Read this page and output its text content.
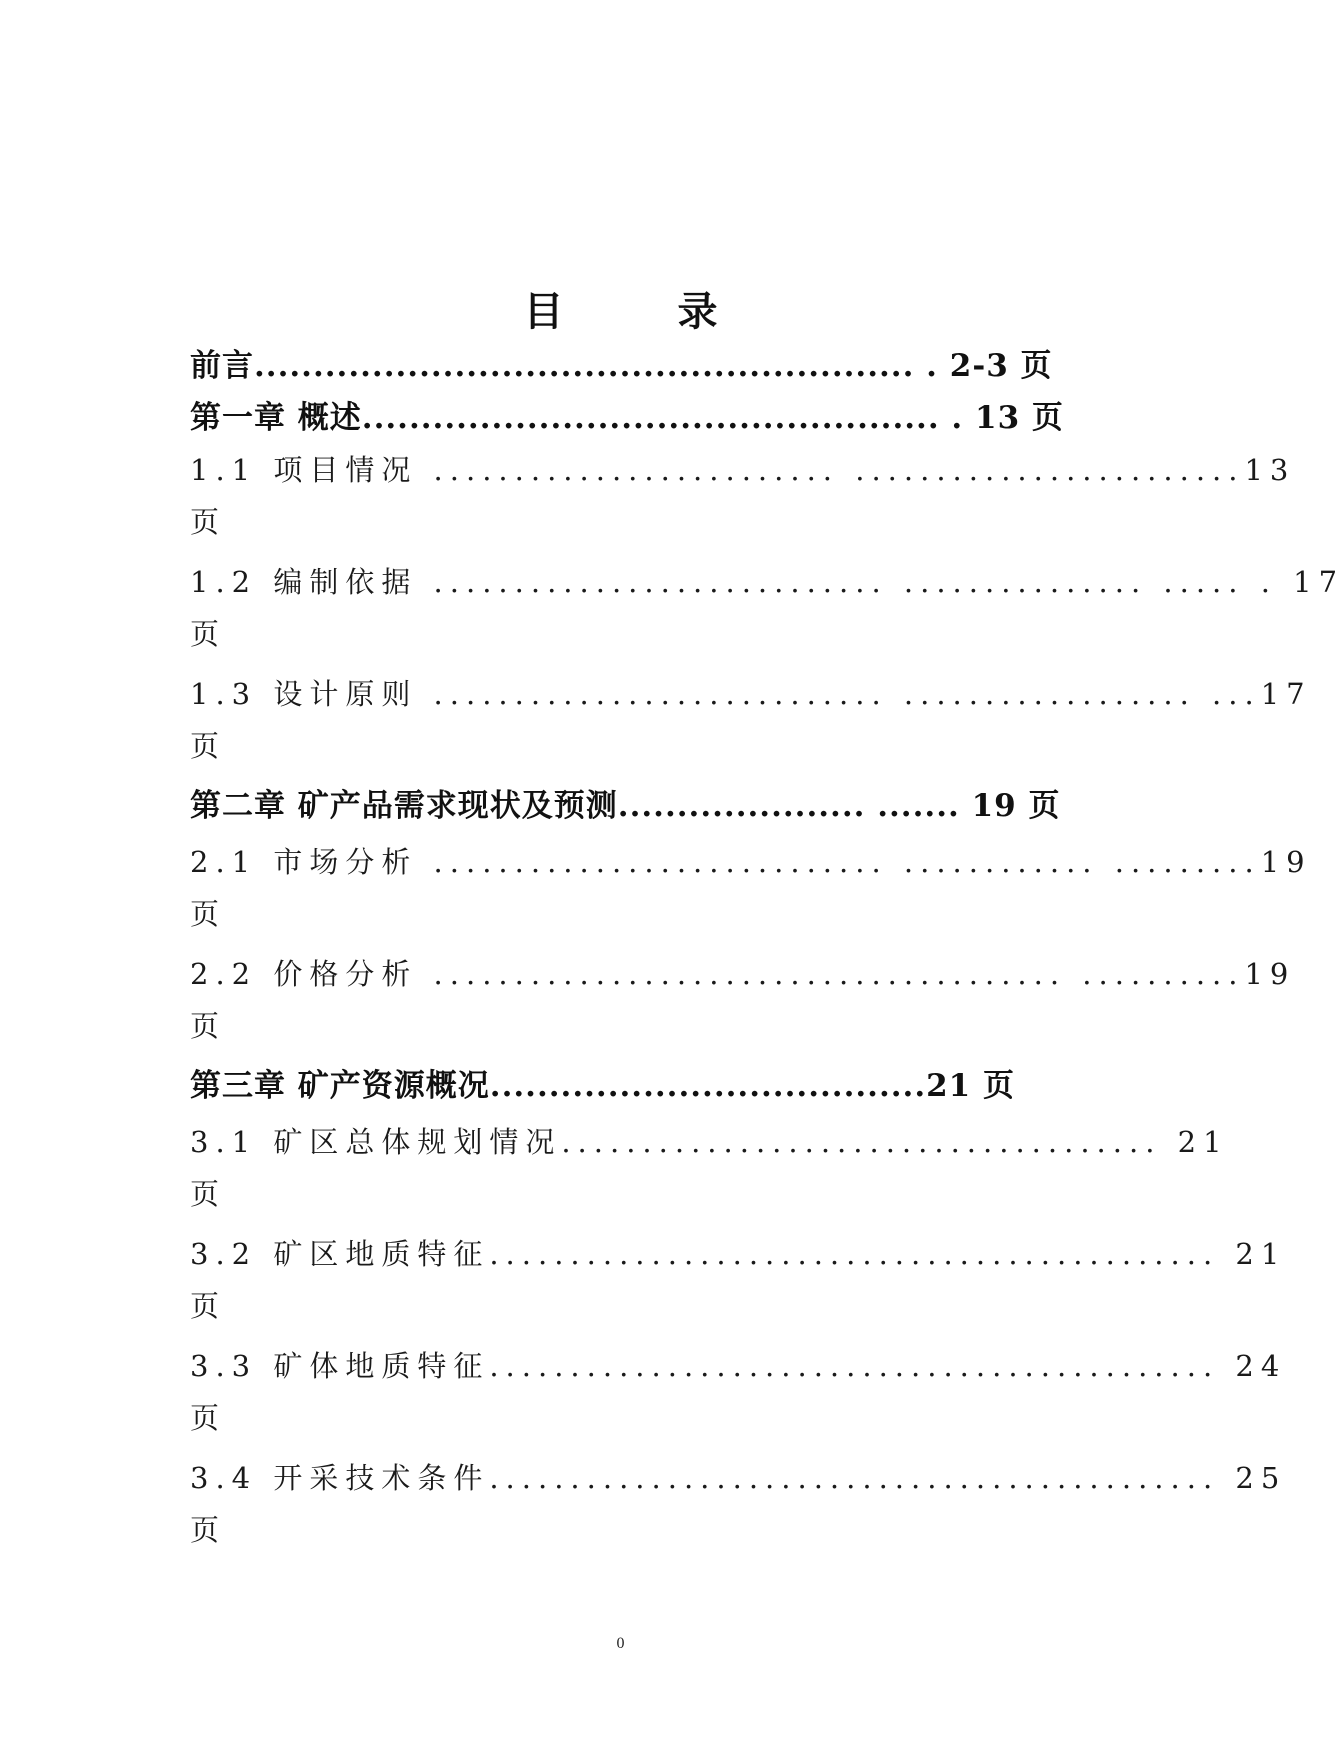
目 录
前言........................................................ . 2-3 页
第一章 概述................................................. . 13 页
1.1 项目情况 ......................... ........................13
页
1.2 编制依据 ............................ ............... ..... . 17
页
1.3 设计原则 ............................ .................. ...17
页
第二章 矿产品需求现状及预测..................... ....... 19 页
2.1 市场分析 ............................ ............ .........19
页
2.2 价格分析 ....................................... ..........19
页
第三章 矿产资源概况.....................................21 页
3.1 矿区总体规划情况..................................... 21
页
3.2 矿区地质特征............................................. 21
页
3.3 矿体地质特征............................................. 24
页
3.4 开采技术条件............................................. 25
页
0
